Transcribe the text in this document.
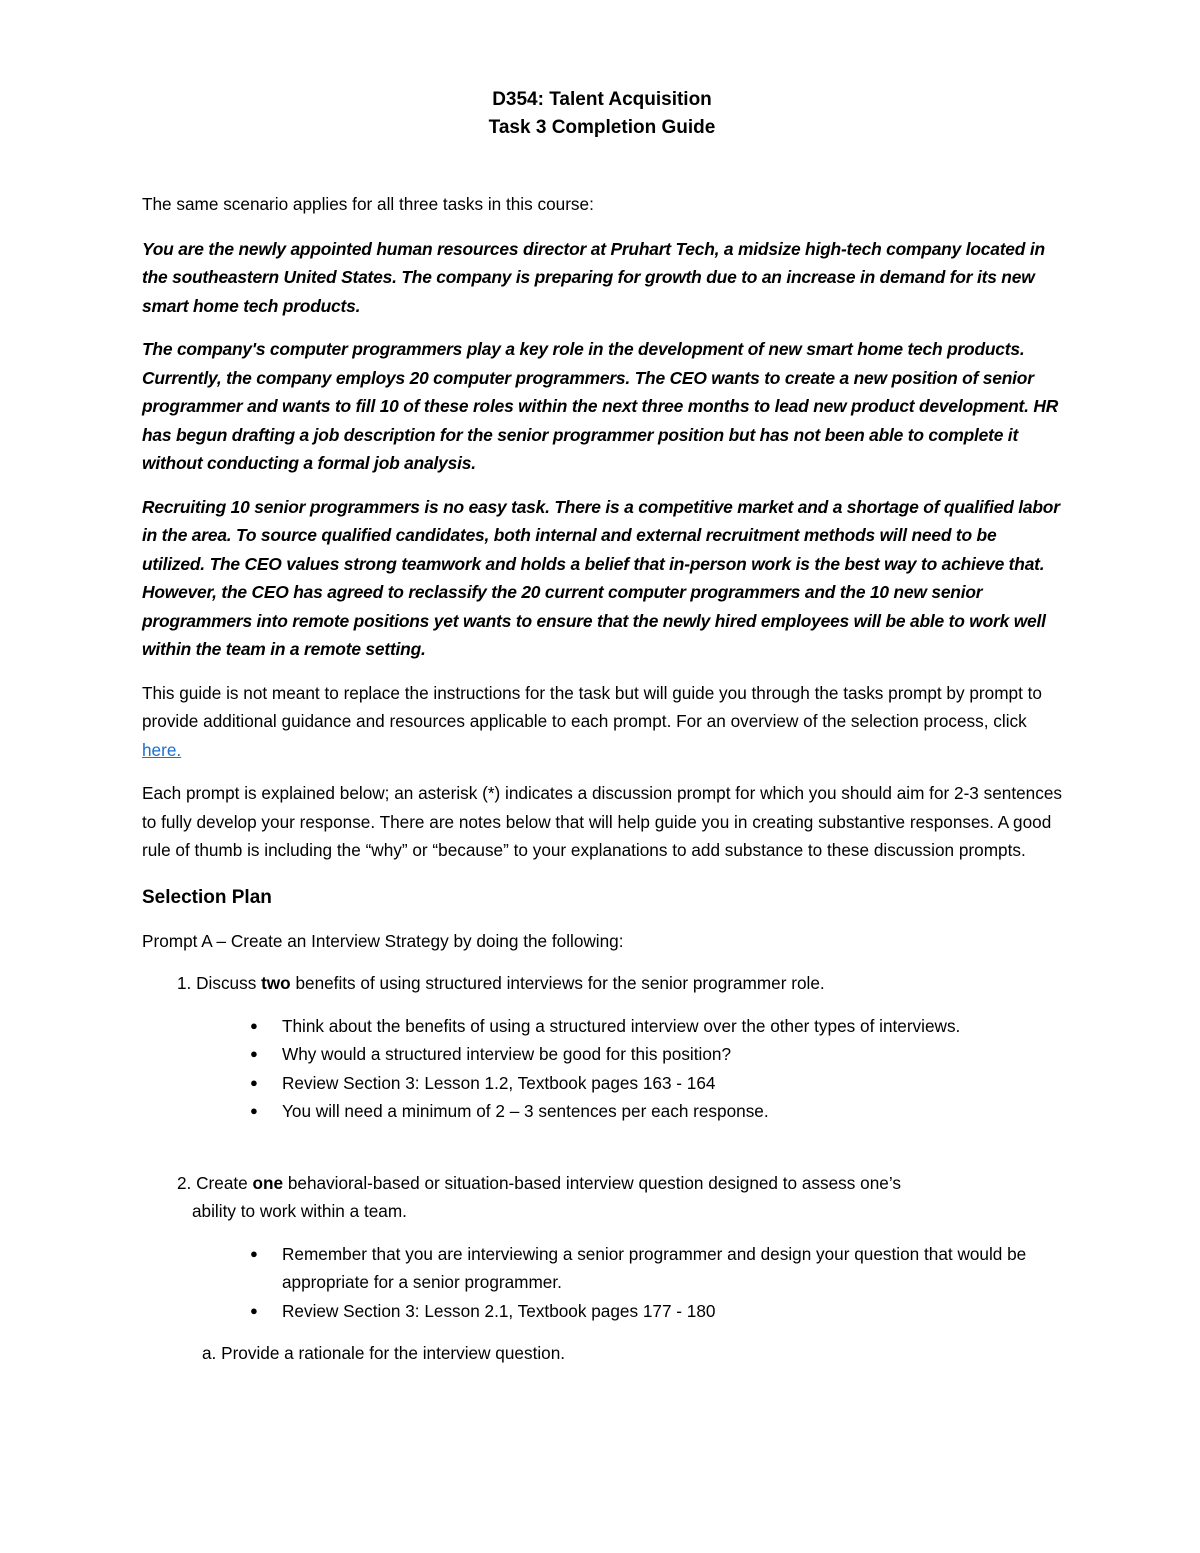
D354: Talent Acquisition

Task 3 Completion Guide

The same scenario applies for all three tasks in this course:

You are the newly appointed human resources director at Pruhart Tech, a midsize high-tech company located in the southeastern United States. The company is preparing for growth due to an increase in demand for its new smart home tech products.

The company's computer programmers play a key role in the development of new smart home tech products. Currently, the company employs 20 computer programmers. The CEO wants to create a new position of senior programmer and wants to fill 10 of these roles within the next three months to lead new product development. HR has begun drafting a job description for the senior programmer position but has not been able to complete it without conducting a formal job analysis.

Recruiting 10 senior programmers is no easy task. There is a competitive market and a shortage of qualified labor in the area. To source qualified candidates, both internal and external recruitment methods will need to be utilized. The CEO values strong teamwork and holds a belief that in-person work is the best way to achieve that. However, the CEO has agreed to reclassify the 20 current computer programmers and the 10 new senior programmers into remote positions yet wants to ensure that the newly hired employees will be able to work well within the team in a remote setting.

This guide is not meant to replace the instructions for the task but will guide you through the tasks prompt by prompt to provide additional guidance and resources applicable to each prompt. For an overview of the selection process, click here.

Each prompt is explained below; an asterisk (*) indicates a discussion prompt for which you should aim for 2-3 sentences to fully develop your response. There are notes below that will help guide you in creating substantive responses. A good rule of thumb is including the “why” or “because” to your explanations to add substance to these discussion prompts.

Selection Plan

Prompt A – Create an Interview Strategy by doing the following:

1. Discuss two benefits of using structured interviews for the senior programmer role.

● Think about the benefits of using a structured interview over the other types of interviews.
● Why would a structured interview be good for this position?
● Review Section 3: Lesson 1.2, Textbook pages 163 - 164
● You will need a minimum of 2 – 3 sentences per each response.

2. Create one behavioral-based or situation-based interview question designed to assess one’s
ability to work within a team.

● Remember that you are interviewing a senior programmer and design your question that would be appropriate for a senior programmer.
● Review Section 3: Lesson 2.1, Textbook pages 177 - 180

a. Provide a rationale for the interview question.
